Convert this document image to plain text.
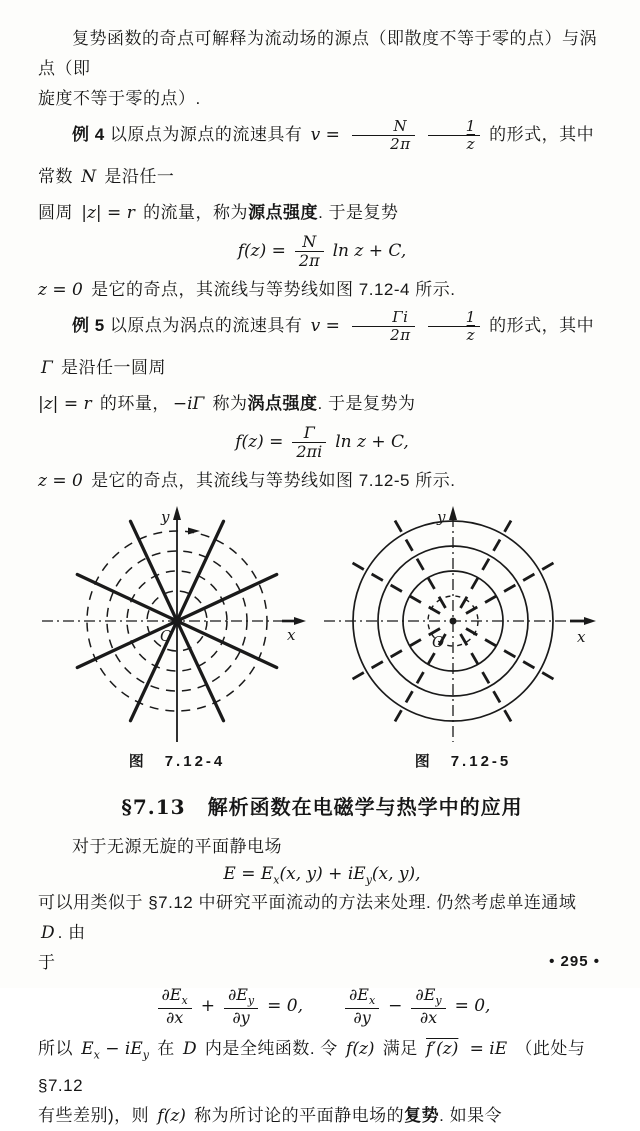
复势函数的奇点可解释为流动场的源点（即散度不等于零的点）与涡点（即
旋度不等于零的点）.
例 4 以原点为源点的流速具有 $v = \frac{N}{2\pi}$
$\frac{1}{z}$ 的形式，其中常数 N 是沿任一
圆周 |z| = r 的流量，称为源点强度. 于是复势
$f(z) = \frac{N}{2\pi}$ ln z + C,
z = 0 是它的奇点，其流线与等势线如图 7.12-4 所示.
例 5 以原点为涡点的流速具有 $v = \frac{\Gamma i}{2\pi}$
$\frac{1}{z}$ 的形式，其中 Γ 是沿任一圆周
|z| = r 的环量， −iΓ 称为涡点强度. 于是复势为
$f(z) = \frac{\Gamma}{2\pi i}$ ln z + C,
z = 0 是它的奇点，其流线与等势线如图 7.12-5 所示.
y
x
O
图　7.12-4
y
x
O
图　7.12-5
§7.13 解析函数在电磁学与热学中的应用
对于无源无旋的平面静电场
$E = E_x(x$, $y) + iE_y(x$, y),
可以用类似于 §7.12 中研究平面流动的方法来处理. 仍然考虑单连通域 D . 由
于
$\frac{\partial E_x}{\partial x} + \frac{\partial E_y}{\partial y} = 0$,	$\frac{\partial E_x}{\partial y} - \frac{\partial E_y}{\partial x} = 0$,
所以 $E_x - iE_y$ 在 D 内是全纯函数. 令 f(z) 满足 f′(z) = iE （此处与 §7.12
有些差别)，则 f(z) 称为所讨论的平面静电场的复势. 如果令
• 295 •
